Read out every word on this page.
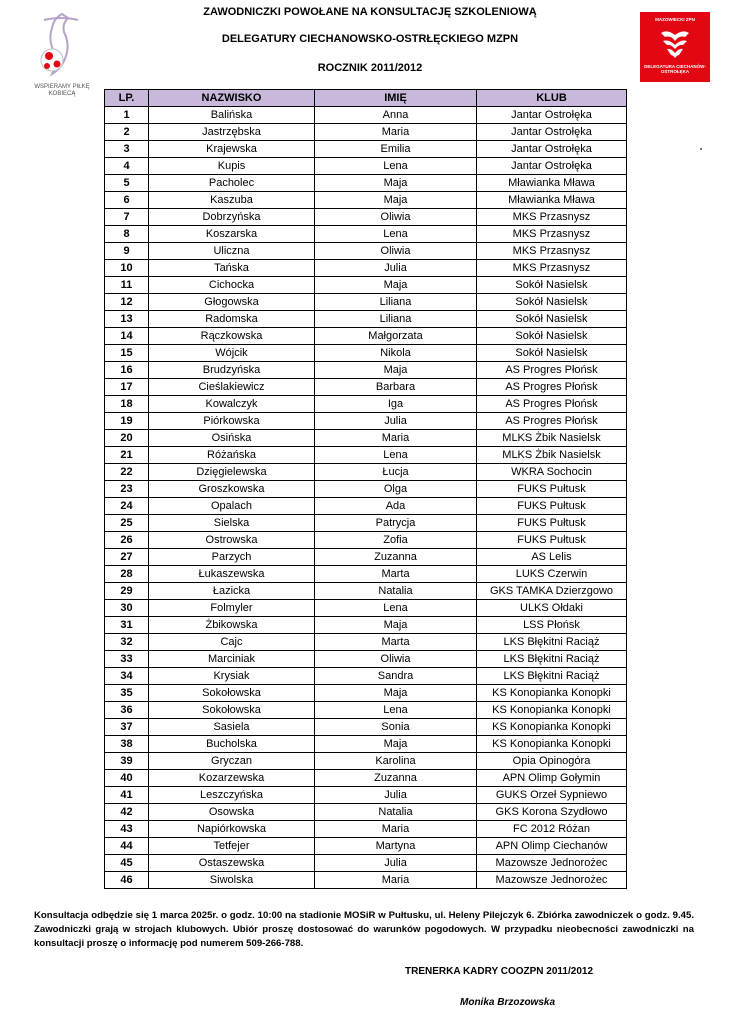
WSPIERAMY PIŁKĘ KOBIECĄ
ZAWODNICZKI POWOŁANE NA KONSULTACJĘ SZKOLENIOWĄ
DELEGATURY CIECHANOWSKO-OSTRŁĘCKIEGO MZPN
ROCZNIK 2011/2012
MAZOWIECKI ZPN
DELEGATURA CIECHANÓW-OSTROŁĘKA
LP.	NAZWISKO	IMIĘ	KLUB
1	Balińska	Anna	Jantar Ostrołęka
2	Jastrzębska	Maria	Jantar Ostrołęka
3	Krajewska	Emilia	Jantar Ostrołęka
4	Kupis	Lena	Jantar Ostrołęka
5	Pacholec	Maja	Mławianka Mława
6	Kaszuba	Maja	Mławianka Mława
7	Dobrzyńska	Oliwia	MKS Przasnysz
8	Koszarska	Lena	MKS Przasnysz
9	Uliczna	Oliwia	MKS Przasnysz
10	Tańska	Julia	MKS Przasnysz
11	Cichocka	Maja	Sokół Nasielsk
12	Głogowska	Liliana	Sokół Nasielsk
13	Radomska	Liliana	Sokół Nasielsk
14	Rączkowska	Małgorzata	Sokół Nasielsk
15	Wójcik	Nikola	Sokół Nasielsk
16	Brudzyńska	Maja	AS Progres Płońsk
17	Cieślakiewicz	Barbara	AS Progres Płońsk
18	Kowalczyk	Iga	AS Progres Płońsk
19	Piórkowska	Julia	AS Progres Płońsk
20	Osińska	Maria	MLKS Żbik Nasielsk
21	Różańska	Lena	MLKS Żbik Nasielsk
22	Dzięgielewska	Łucja	WKRA Sochocin
23	Groszkowska	Olga	FUKS Pułtusk
24	Opalach	Ada	FUKS Pułtusk
25	Sielska	Patrycja	FUKS Pułtusk
26	Ostrowska	Zofia	FUKS Pułtusk
27	Parzych	Zuzanna	AS Lelis
28	Łukaszewska	Marta	LUKS Czerwin
29	Łazicka	Natalia	GKS TAMKA Dzierzgowo
30	Folmyler	Lena	ULKS Ołdaki
31	Żbikowska	Maja	LSS Płońsk
32	Cajc	Marta	LKS Błękitni Raciąż
33	Marciniak	Oliwia	LKS Błękitni Raciąż
34	Krysiak	Sandra	LKS Błękitni Raciąż
35	Sokołowska	Maja	KS Konopianka Konopki
36	Sokołowska	Lena	KS Konopianka Konopki
37	Sasiela	Sonia	KS Konopianka Konopki
38	Bucholska	Maja	KS Konopianka Konopki
39	Gryczan	Karolina	Opia Opinogóra
40	Kozarzewska	Zuzanna	APN Olimp Gołymin
41	Leszczyńska	Julia	GUKS Orzeł Sypniewo
42	Osowska	Natalia	GKS Korona Szydłowo
43	Napiórkowska	Maria	FC 2012 Różan
44	Tetfejer	Martyna	APN Olimp Ciechanów
45	Ostaszewska	Julia	Mazowsze Jednorożec
46	Siwolska	Maria	Mazowsze Jednorożec
Konsultacja odbędzie się 1 marca 2025r. o godz. 10:00 na stadionie MOSiR w Pułtusku, ul. Heleny Pilejczyk 6. Zbiórka zawodniczek o godz. 9.45. Zawodniczki grają w strojach klubowych. Ubiór proszę dostosować do warunków pogodowych. W przypadku nieobecności zawodniczki na konsultacji proszę o informację pod numerem 509-266-788.
TRENERKA KADRY COOZPN 2011/2012
Monika Brzozowska
